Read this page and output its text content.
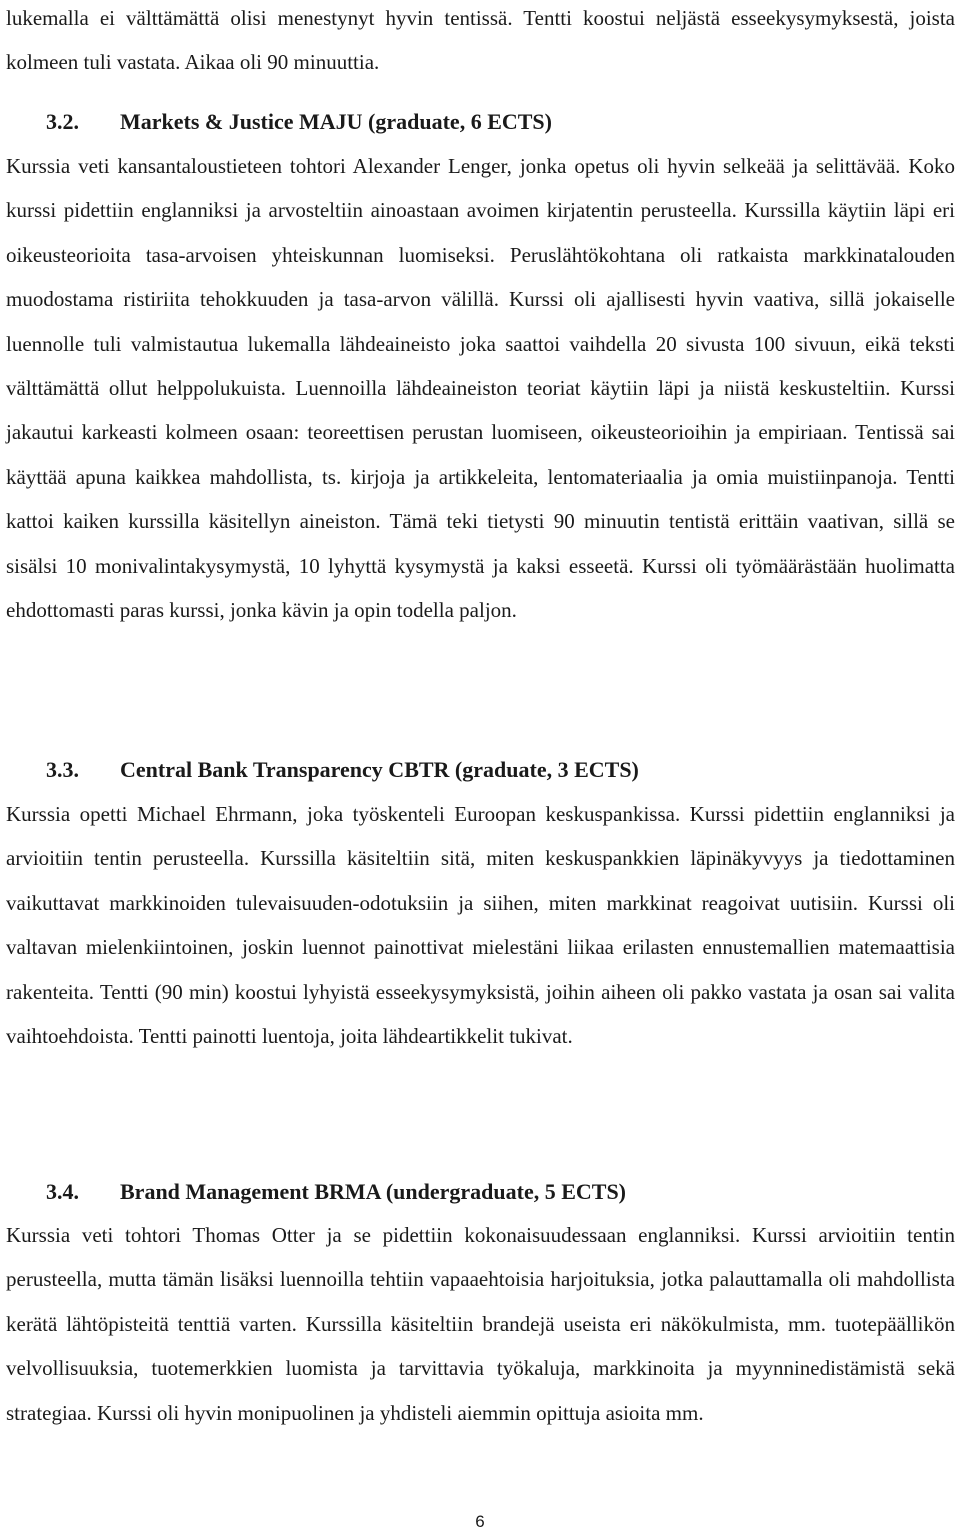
lukemalla ei välttämättä olisi menestynyt hyvin tentissä. Tentti koostui neljästä esseekysymyksestä, joista kolmeen tuli vastata. Aikaa oli 90 minuuttia.

3.2. Markets & Justice MAJU (graduate, 6 ECTS)

Kurssia veti kansantaloustieteen tohtori Alexander Lenger, jonka opetus oli hyvin selkeää ja selittävää. Koko kurssi pidettiin englanniksi ja arvosteltiin ainoastaan avoimen kirjatentin perusteella. Kurssilla käytiin läpi eri oikeusteorioita tasa-arvoisen yhteiskunnan luomiseksi. Peruslähtökohtana oli ratkaista markkinatalouden muodostama ristiriita tehokkuuden ja tasa-arvon välillä. Kurssi oli ajallisesti hyvin vaativa, sillä jokaiselle luennolle tuli valmistautua lukemalla lähdeaineisto joka saattoi vaihdella 20 sivusta 100 sivuun, eikä teksti välttämättä ollut helppolukuista. Luennoilla lähdeaineiston teoriat käytiin läpi ja niistä keskusteltiin. Kurssi jakautui karkeasti kolmeen osaan: teoreettisen perustan luomiseen, oikeusteorioihin ja empiriaan. Tentissä sai käyttää apuna kaikkea mahdollista, ts. kirjoja ja artikkeleita, lentomateriaalia ja omia muistiinpanoja. Tentti kattoi kaiken kurssilla käsitellyn aineiston. Tämä teki tietysti 90 minuutin tentistä erittäin vaativan, sillä se sisälsi 10 monivalintakysymystä, 10 lyhyttä kysymystä ja kaksi esseetä. Kurssi oli työmäärästään huolimatta ehdottomasti paras kurssi, jonka kävin ja opin todella paljon.

3.3. Central Bank Transparency CBTR (graduate, 3 ECTS)

Kurssia opetti Michael Ehrmann, joka työskenteli Euroopan keskuspankissa. Kurssi pidettiin englanniksi ja arvioitiin tentin perusteella. Kurssilla käsiteltiin sitä, miten keskuspankkien läpinäkyvyys ja tiedottaminen vaikuttavat markkinoiden tulevaisuuden-odotuksiin ja siihen, miten markkinat reagoivat uutisiin. Kurssi oli valtavan mielenkiintoinen, joskin luennot painottivat mielestäni liikaa erilasten ennustemallien matemaattisia rakenteita. Tentti (90 min) koostui lyhyistä esseekysymyksistä, joihin aiheen oli pakko vastata ja osan sai valita vaihtoehdoista. Tentti painotti luentoja, joita lähdeartikkelit tukivat.

3.4. Brand Management BRMA (undergraduate, 5 ECTS)

Kurssia veti tohtori Thomas Otter ja se pidettiin kokonaisuudessaan englanniksi. Kurssi arvioitiin tentin perusteella, mutta tämän lisäksi luennoilla tehtiin vapaaehtoisia harjoituksia, jotka palauttamalla oli mahdollista kerätä lähtöpisteitä tenttiä varten. Kurssilla käsiteltiin brandejä useista eri näkökulmista, mm. tuotepäällikön velvollisuuksia, tuotemerkkien luomista ja tarvittavia työkaluja, markkinoita ja myynninedistämistä sekä strategiaa. Kurssi oli hyvin monipuolinen ja yhdisteli aiemmin opittuja asioita mm.

6
